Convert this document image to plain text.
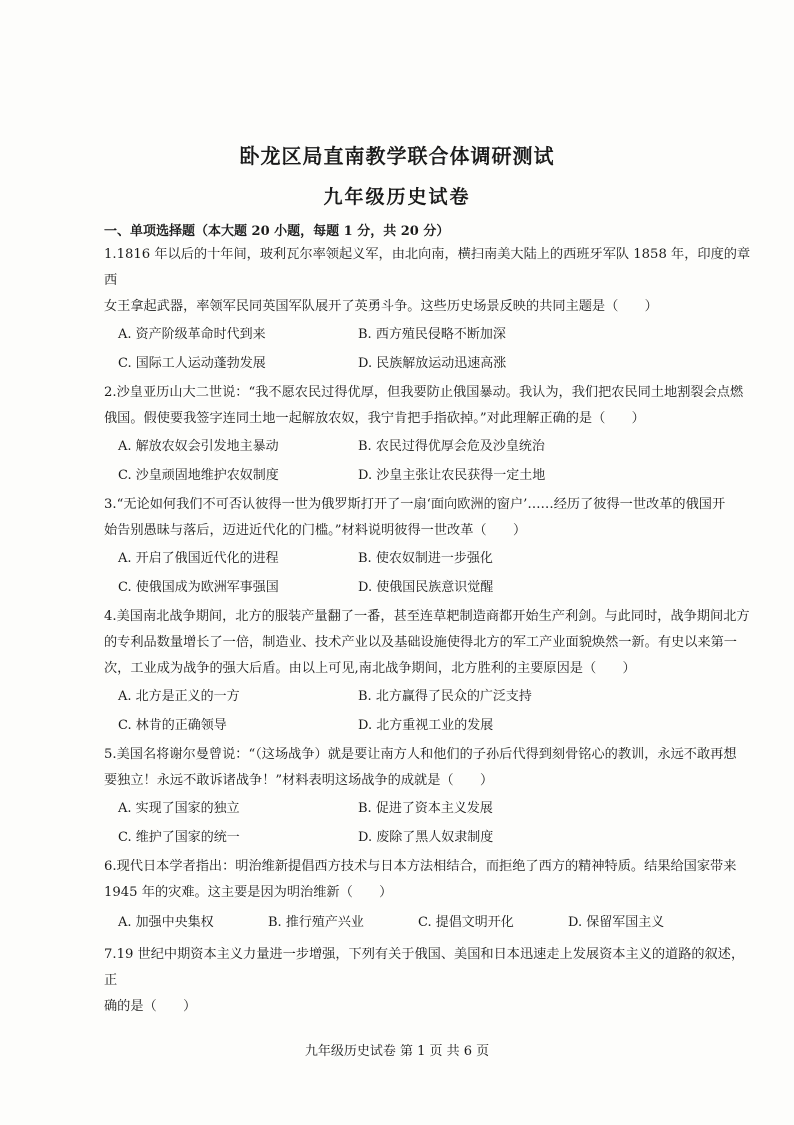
卧龙区局直南教学联合体调研测试
九年级历史试卷
一、单项选择题（本大题 20 小题，每题 1 分，共 20 分）
1.1816 年以后的十年间，玻利瓦尔率领起义军，由北向南，横扫南美大陆上的西班牙军队 1858 年，印度的章西
女王拿起武器，率领军民同英国军队展开了英勇斗争。这些历史场景反映的共同主题是（　　）
A. 资产阶级革命时代到来	B. 西方殖民侵略不断加深
C. 国际工人运动蓬勃发展	D. 民族解放运动迅速高涨
2.沙皇亚历山大二世说：“我不愿农民过得优厚，但我要防止俄国暴动。我认为，我们把农民同土地割裂会点燃
俄国。假使要我签字连同土地一起解放农奴，我宁肯把手指砍掉。”对此理解正确的是（　　）
A. 解放农奴会引发地主暴动	B. 农民过得优厚会危及沙皇统治
C. 沙皇顽固地维护农奴制度	D. 沙皇主张让农民获得一定土地
3.“无论如何我们不可否认彼得一世为俄罗斯打开了一扇‘面向欧洲的窗户’……经历了彼得一世改革的俄国开
始告别愚昧与落后，迈进近代化的门槛。”材料说明彼得一世改革（　　）
A. 开启了俄国近代化的进程	B. 使农奴制进一步强化
C. 使俄国成为欧洲军事强国	D. 使俄国民族意识觉醒
4.美国南北战争期间，北方的服装产量翻了一番，甚至连草耙制造商都开始生产利剑。与此同时，战争期间北方
的专利品数量增长了一倍，制造业、技术产业以及基础设施使得北方的军工产业面貌焕然一新。有史以来第一
次，工业成为战争的强大后盾。由以上可见,南北战争期间，北方胜利的主要原因是（　　）
A. 北方是正义的一方	B. 北方赢得了民众的广泛支持
C. 林肯的正确领导	D. 北方重视工业的发展
5.美国名将谢尔曼曾说：“（这场战争）就是要让南方人和他们的子孙后代得到刻骨铭心的教训，永远不敢再想
要独立！永远不敢诉诸战争！”材料表明这场战争的成就是（　　）
A. 实现了国家的独立	B. 促进了资本主义发展
C. 维护了国家的统一	D. 废除了黑人奴隶制度
6.现代日本学者指出：明治维新提倡西方技术与日本方法相结合，而拒绝了西方的精神特质。结果给国家带来
1945 年的灾难。这主要是因为明治维新（　　）
A. 加强中央集权	B. 推行殖产兴业	C. 提倡文明开化	D. 保留军国主义
7.19 世纪中期资本主义力量进一步增强，下列有关于俄国、美国和日本迅速走上发展资本主义的道路的叙述，正
确的是（　　）
九年级历史试卷 第 1 页 共 6 页
